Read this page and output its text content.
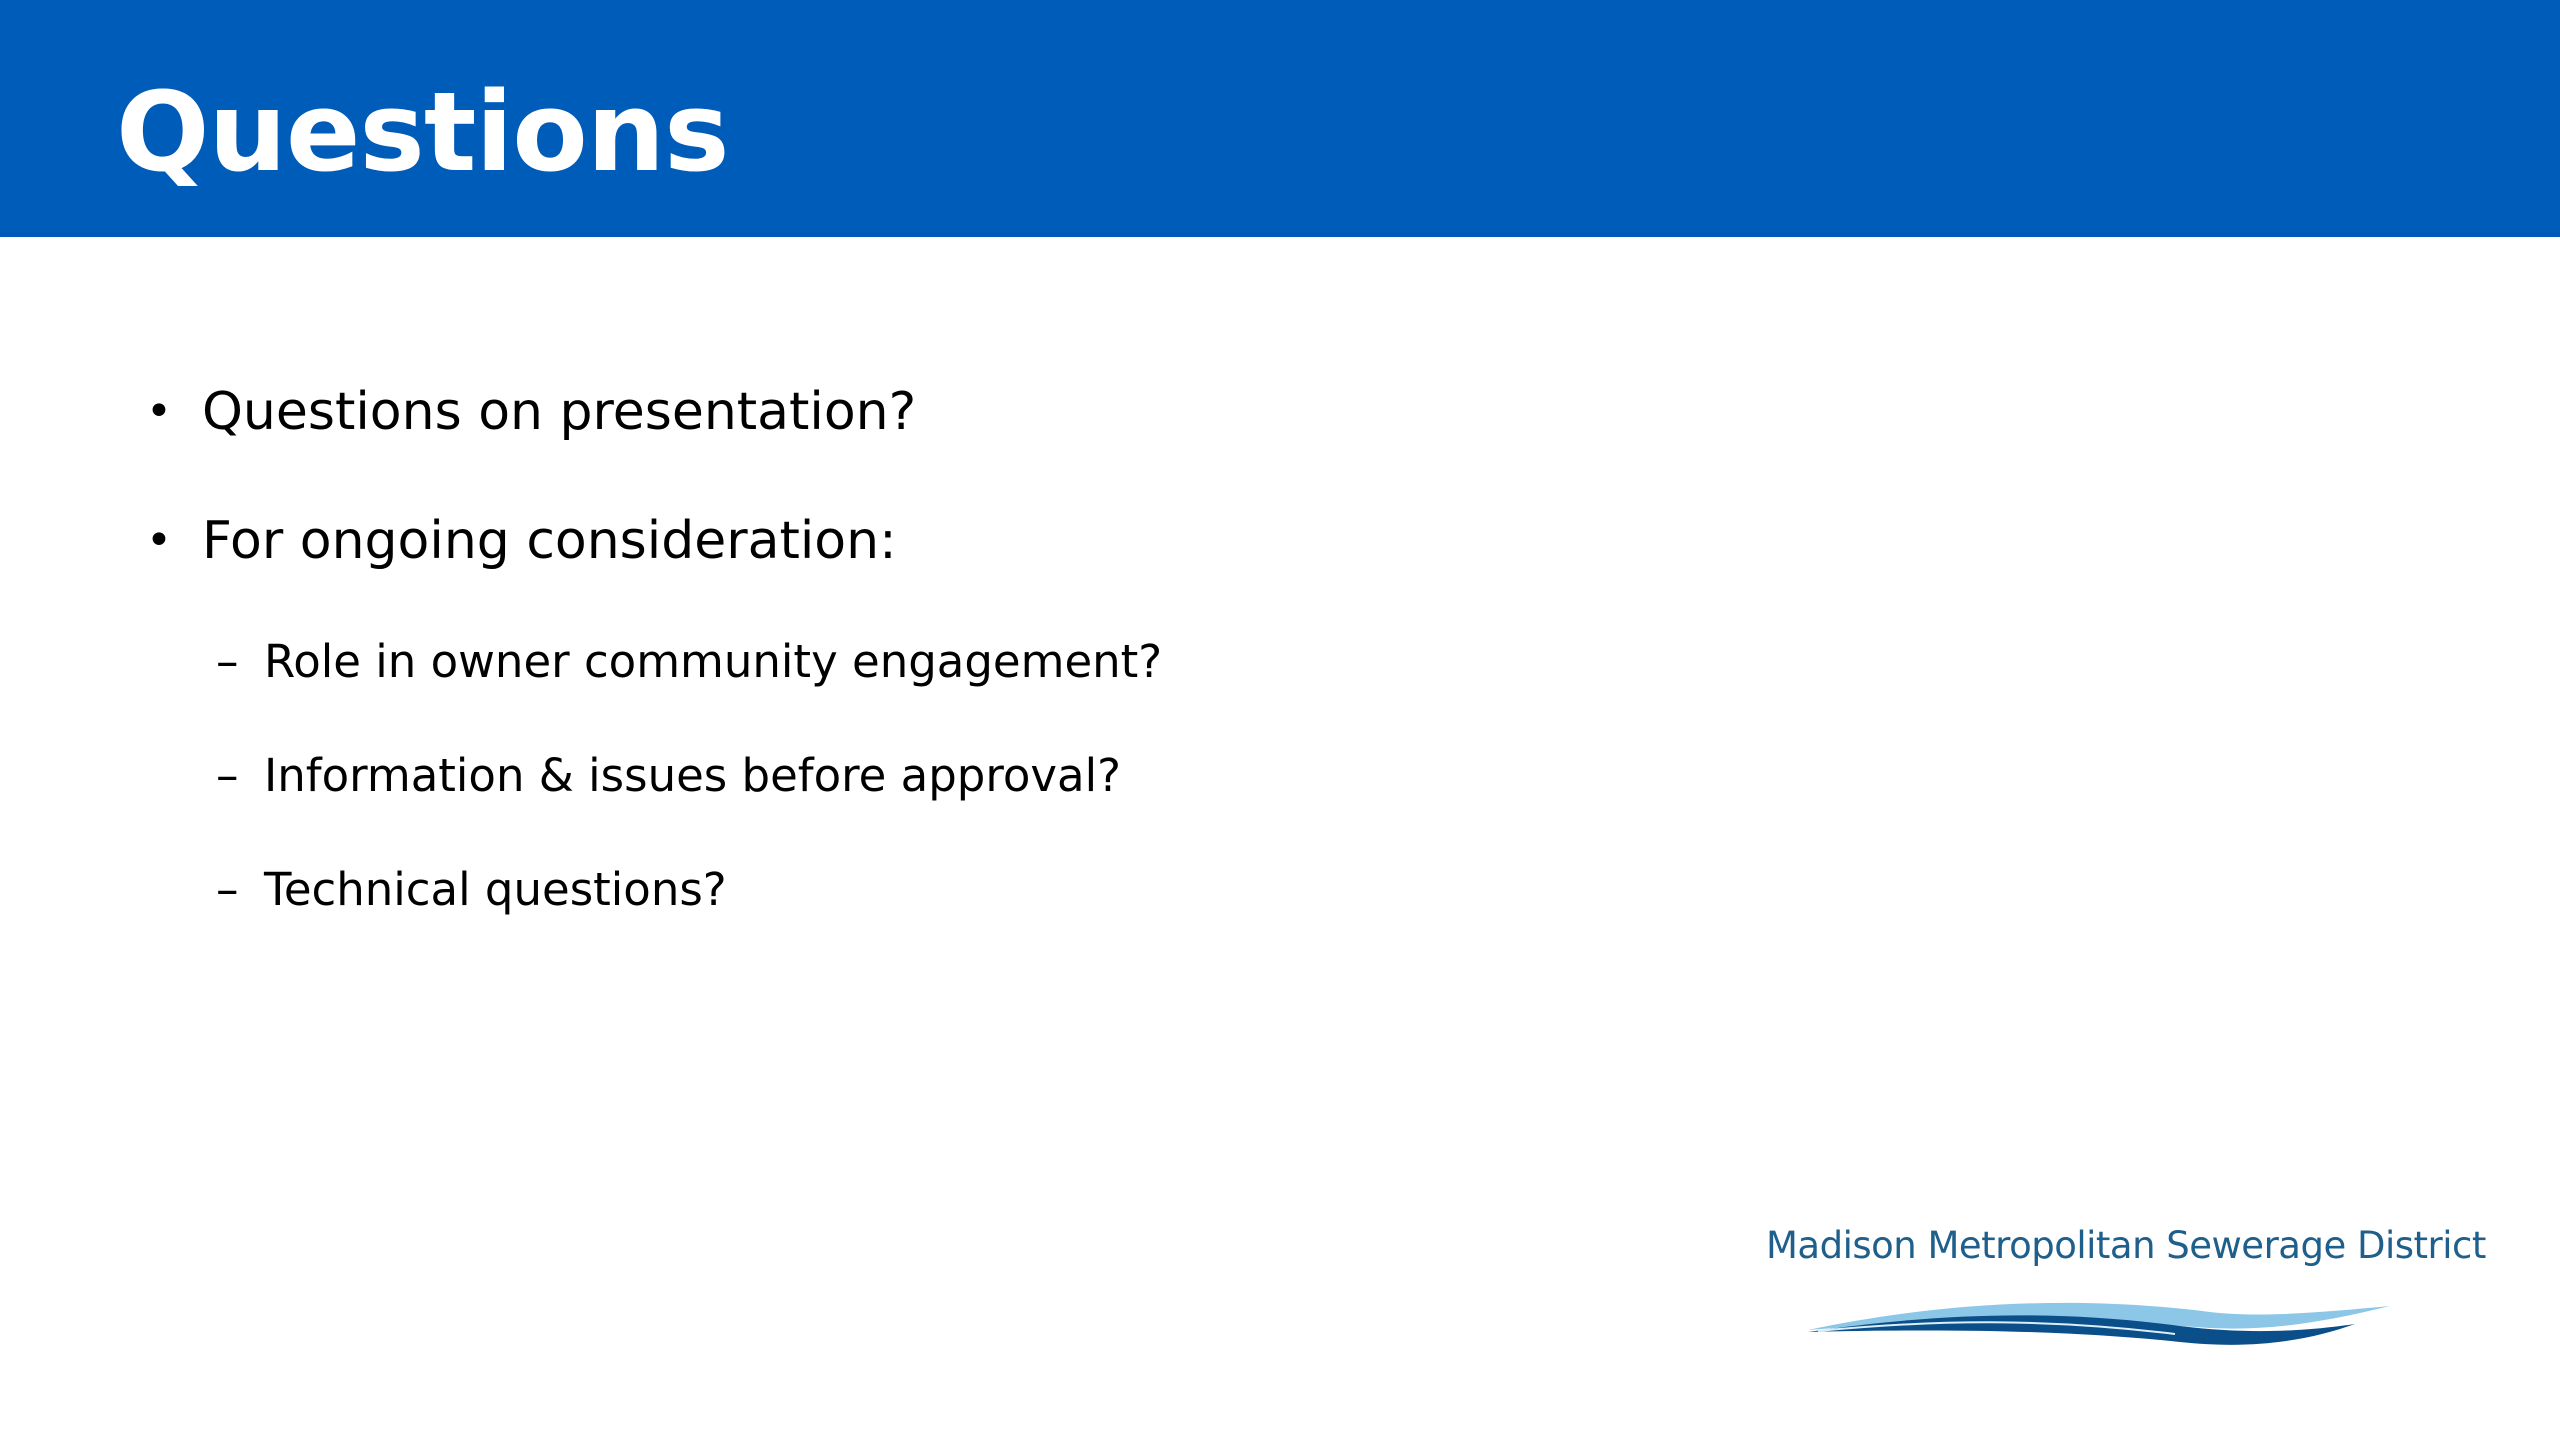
Questions
• Questions on presentation?
• For ongoing consideration:
– Role in owner community engagement?
– Information & issues before approval?
– Technical questions?
Madison Metropolitan Sewerage District
